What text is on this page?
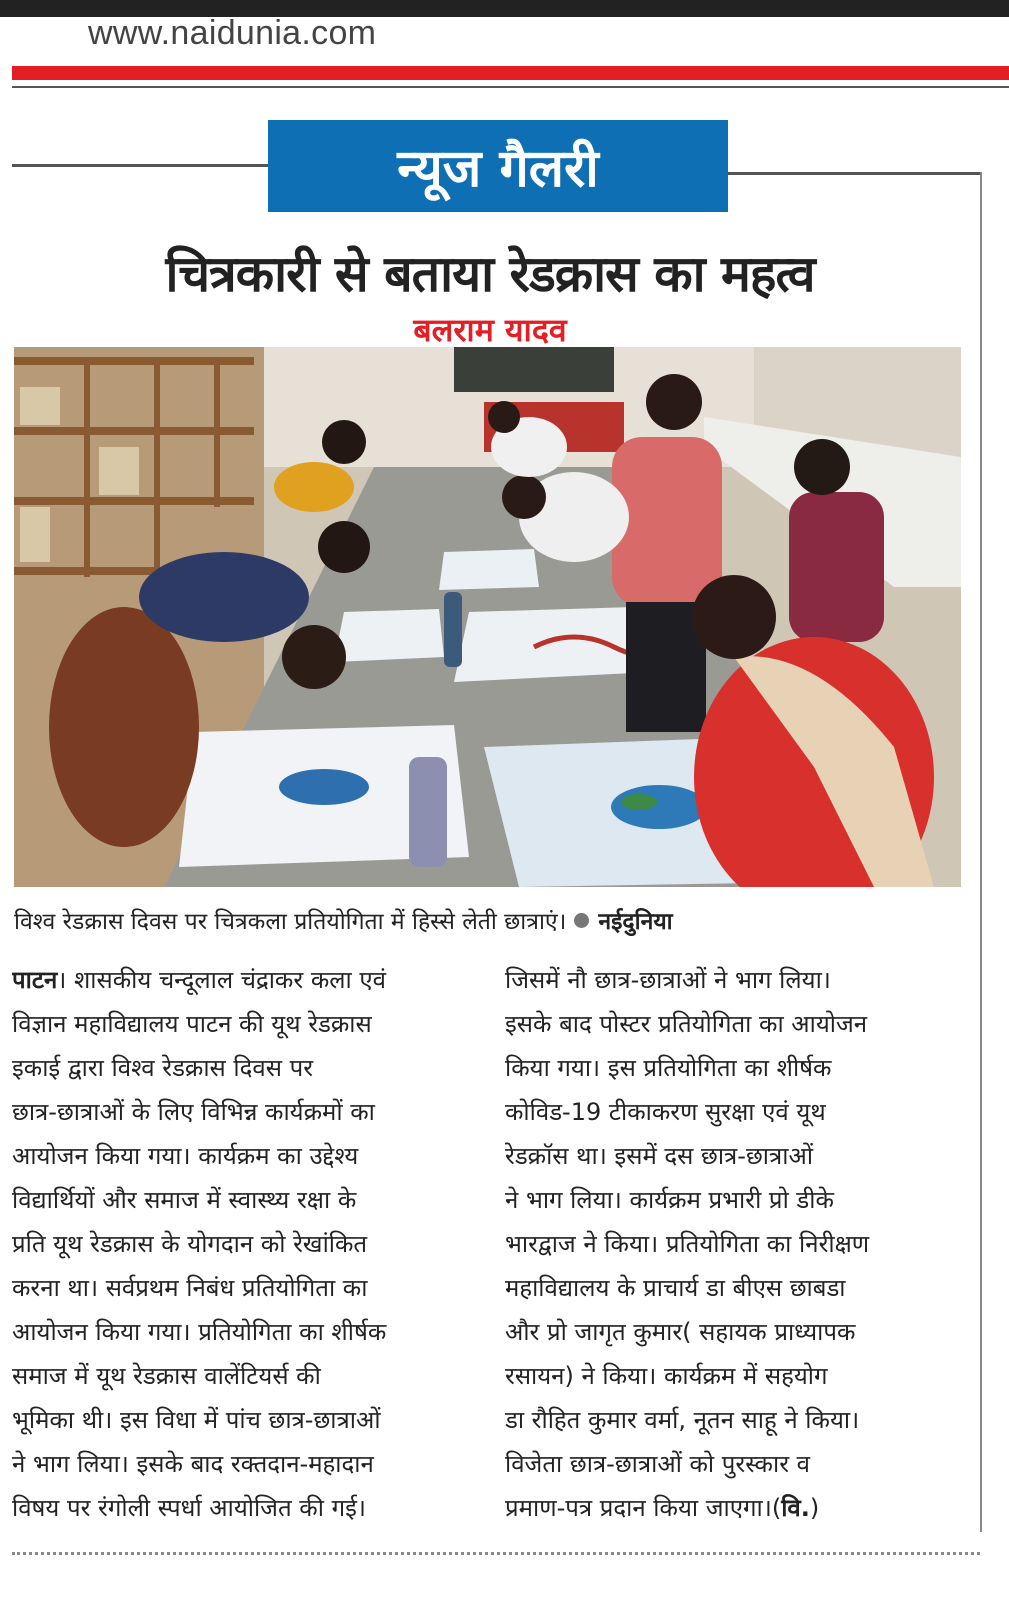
www.naidunia.com
न्यूज गैलरी
चित्रकारी से बताया रेडक्रास का महत्व
बलराम यादव
विश्व रेडक्रास दिवस पर चित्रकला प्रतियोगिता में हिस्से लेती छात्राएं। नईदुनिया
पाटन। शासकीय चन्दूलाल चंद्राकर कला एवं
विज्ञान महाविद्यालय पाटन की यूथ रेडक्रास
इकाई द्वारा विश्व रेडक्रास दिवस पर
छात्र-छात्राओं के लिए विभिन्न कार्यक्रमों का
आयोजन किया गया। कार्यक्रम का उद्देश्य
विद्यार्थियों और समाज में स्वास्थ्य रक्षा के
प्रति यूथ रेडक्रास के योगदान को रेखांकित
करना था। सर्वप्रथम निबंध प्रतियोगिता का
आयोजन किया गया। प्रतियोगिता का शीर्षक
समाज में यूथ रेडक्रास वालेंटियर्स की
भूमिका थी। इस विधा में पांच छात्र-छात्राओं
ने भाग लिया। इसके बाद रक्तदान-महादान
विषय पर रंगोली स्पर्धा आयोजित की गई।
जिसमें नौ छात्र-छात्राओं ने भाग लिया।
इसके बाद पोस्टर प्रतियोगिता का आयोजन
किया गया। इस प्रतियोगिता का शीर्षक
कोविड-19 टीकाकरण सुरक्षा एवं यूथ
रेडक्रॉस था। इसमें दस छात्र-छात्राओं
ने भाग लिया। कार्यक्रम प्रभारी प्रो डीके
भारद्वाज ने किया। प्रतियोगिता का निरीक्षण
महाविद्यालय के प्राचार्य डा बीएस छाबडा
और प्रो जागृत कुमार( सहायक प्राध्यापक
रसायन) ने किया। कार्यक्रम में सहयोग
डा रौहित कुमार वर्मा, नूतन साहू ने किया।
विजेता छात्र-छात्राओं को पुरस्कार व
प्रमाण-पत्र प्रदान किया जाएगा।(वि.)
